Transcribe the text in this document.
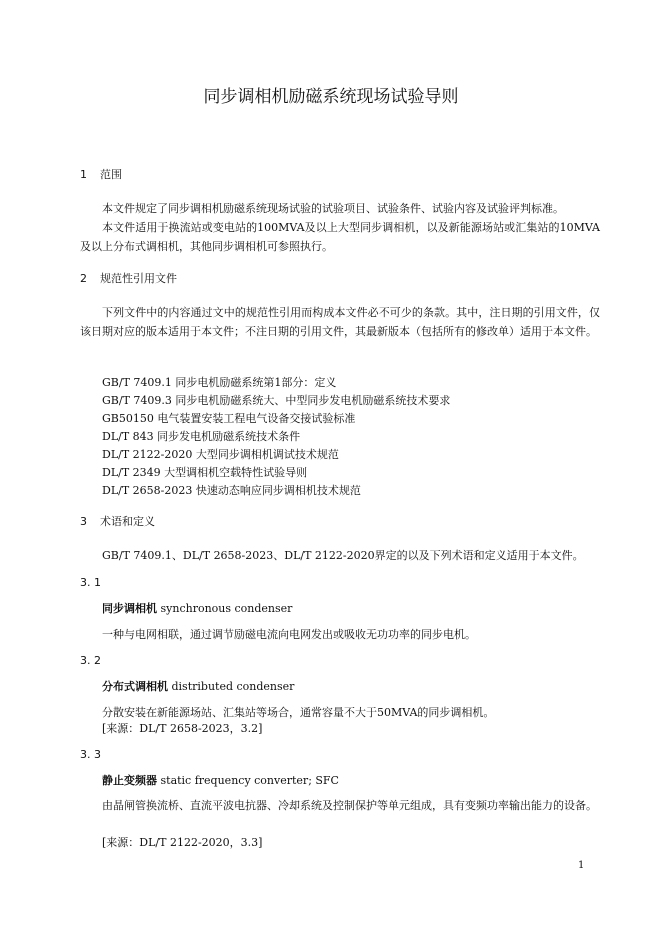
同步调相机励磁系统现场试验导则
1 范围
本文件规定了同步调相机励磁系统现场试验的试验项目、试验条件、试验内容及试验评判标准。
本文件适用于换流站或变电站的100MVA及以上大型同步调相机，以及新能源场站或汇集站的10MVA及以上分布式调相机，其他同步调相机可参照执行。
2 规范性引用文件
下列文件中的内容通过文中的规范性引用而构成本文件必不可少的条款。其中，注日期的引用文件，仅该日期对应的版本适用于本文件；不注日期的引用文件，其最新版本（包括所有的修改单）适用于本文件。
GB/T 7409.1 同步电机励磁系统第1部分：定义
GB/T 7409.3 同步电机励磁系统大、中型同步发电机励磁系统技术要求
GB50150 电气装置安装工程电气设备交接试验标准
DL/T 843 同步发电机励磁系统技术条件
DL/T 2122-2020 大型同步调相机调试技术规范
DL/T 2349 大型调相机空载特性试验导则
DL/T 2658-2023 快速动态响应同步调相机技术规范
3 术语和定义
GB/T 7409.1、DL/T 2658-2023、DL/T 2122-2020界定的以及下列术语和定义适用于本文件。
3. 1
同步调相机 synchronous condenser
一种与电网相联，通过调节励磁电流向电网发出或吸收无功功率的同步电机。
3. 2
分布式调相机 distributed condenser
分散安装在新能源场站、汇集站等场合，通常容量不大于50MVA的同步调相机。
[来源：DL/T 2658-2023，3.2]
3. 3
静止变频器 static frequency converter; SFC
由晶闸管换流桥、直流平波电抗器、冷却系统及控制保护等单元组成，具有变频功率输出能力的设备。
[来源：DL/T 2122-2020，3.3]
1
